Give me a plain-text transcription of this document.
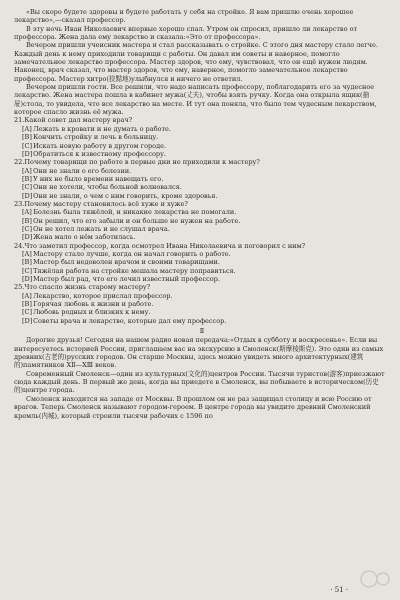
«Вы скоро будете здоровы и будете работать у себя на стройке. Я вам пришлю очень хорошее лекарство»,—сказал профессор.

В эту ночь Иван Николаевич впервые хорошо спал. Утром он спросил, пришло ли лекарство от профессора. Жена дала ему лекарство и сказала:«Это от профессора».

Вечером пришли учеисник мастера и стал рассказывать о стройке. С этого дня мастеру стало легче. Каждый день к нему приходили товарищи с работы. Он давал им советы и наверное, помогло замечательное лекарство профессора. Мастер здоров, что ему, чувствовал, что он ещё нужен людям. Наконец, врач сказал, что мастер здоров, что ему, наверное, помогло замечательное лекарство профессора. Мастер хитро(狡黠地)улыбнулся и ничего не ответил.

Вечером пришли гости. Все решили, что надо написать профессору, поблагодарить его за чудесное лекарство. Жена мастера пошла в кабинет мужа(丈夫), чтобы взять ручку. Когда она открыла ящик(抽屉)стола, то увидела, что все лекарство на месте. И тут она поняла, что было тем чудесным лекарством, которое спасло жизнь её мужа.

21.Какой совет дал мастеру врач?

[A] Лежать в кровати и не думать о работе.
[B] Кончить стройку и лечь в больницу.
[C] Искать новую работу в другом городе.
[D] Обратиться к известному профессору.

22.Почему товарищи по работе в первые дни не приходили к мастеру?

[A] Они не знали о его болезни.
[B] У них не было времени навещать его.
[C] Они не хотели, чтобы больной волновался.
[D] Они не знали, о чем с ним говорить, кроме здоровья.

23.Почему мастеру становилось всё хуже и хуже?

[A] Болезнь была тяжёлой, и никакие лекарства не помогали.
[B] Он решил, что его забыли и он больше не нужен на работе.
[C] Он не хотел лежать и не слушал врача.
[D] Жена мало о нём заботилась.

24.Что заметил профессор, когда осмотрел Ивана Николаевича и поговорил с ним?

[A] Мастеру стало лучше, когда он начал говорить о работе.
[B] Мастер был недоволен врачом и своими товарищами.
[C] Тяжёлая работа на стройке мешала мастеру поправиться.
[D] Мастер был рад, что его лечил известный профессор.

25.Что спасло жизнь старому мастеру?

[A] Лекарство, которое прислал профессор.
[B] Горячая любовь к жизни и работе.
[C] Любовь родных и близких к нему.
[D] Советы врача и лекарство, которые дал ему профессор.
Ⅱ

Дорогие друзья! Сегодня на нашем радио новая передача:«Отдых в субботу и воскресенье». Если вы интересуетесь историей России, приглашаем вас на экскурсию в Смоленск(斯摩棱斯克). Это один из самых древних(古老的)русских городов. Он старше Москвы, здесь можно увидеть много архитектурных(建筑的)памятников XⅡ—XⅢ веков.

Современный Смоленск—один из культурных(文化的)центров России. Тысячи туристов(游客)приезжают сюда каждый день. В первый же день, когда вы приедете в Смоленск, вы побываете в историческом(历史的)центре города.

Смоленск находится на западе от Москвы. В прошлом он не раз защищал столицу и всю Россию от врагов. Теперь Смоленск называют городом-героем. В центре города вы увидите древний Смоленский кремль(内城), который строили тысячи рабочих с 1596 по

· 51 ·
